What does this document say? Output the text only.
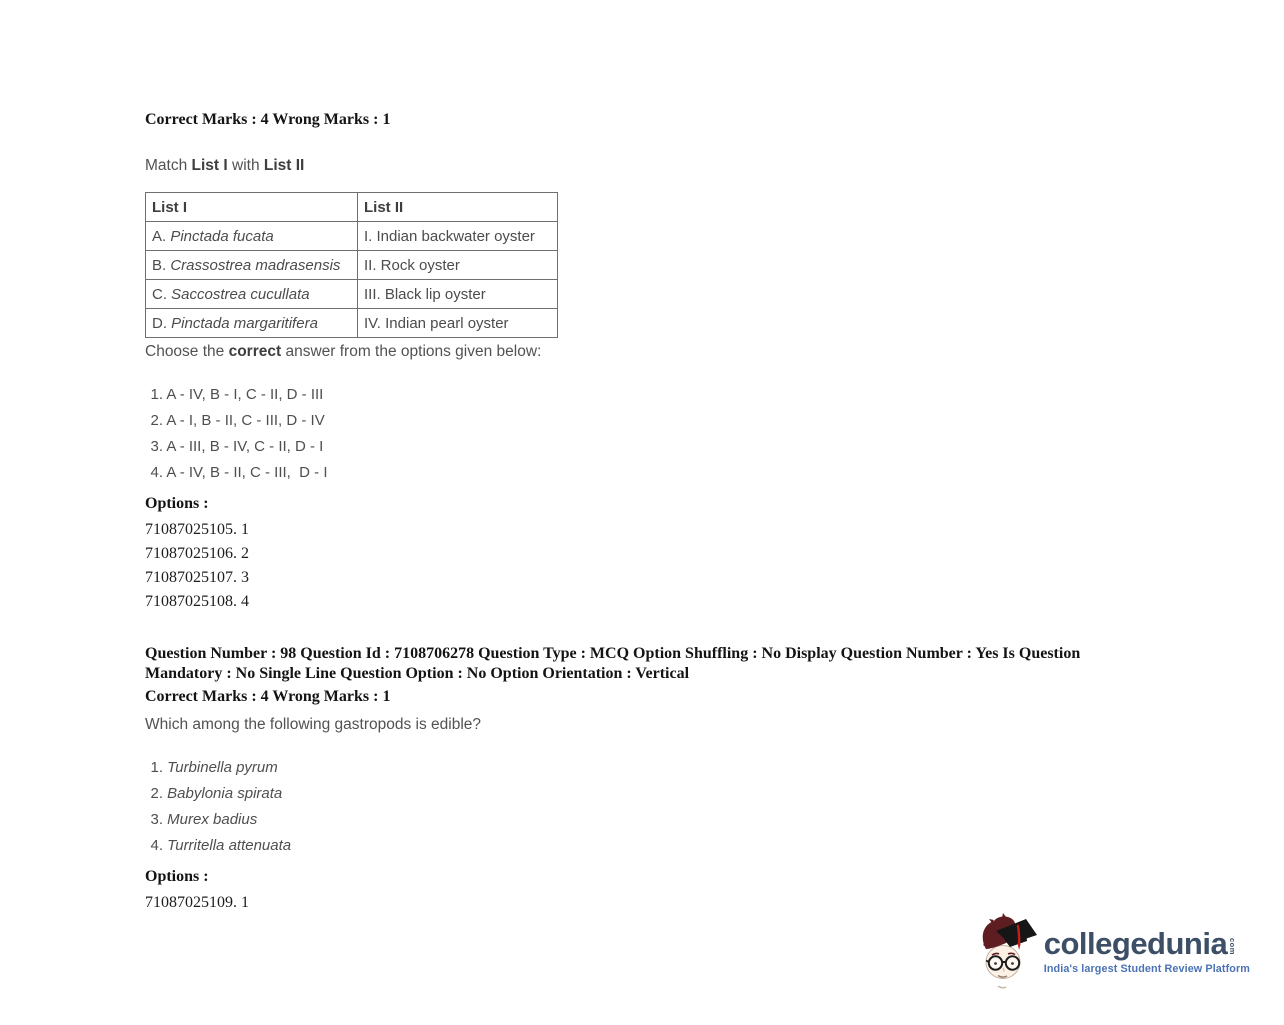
Correct Marks : 4 Wrong Marks : 1
Match List I with List II
List I	List II
A. Pinctada fucata	I. Indian backwater oyster
B. Crassostrea madrasensis	II. Rock oyster
C. Saccostrea cucullata	III. Black lip oyster
D. Pinctada margaritifera	IV. Indian pearl oyster
Choose the correct answer from the options given below:
1. A - IV, B - I, C - II, D - III
2. A - I, B - II, C - III, D - IV
3. A - III, B - IV, C - II, D - I
4. A - IV, B - II, C - III,  D - I
Options :
71087025105. 1
71087025106. 2
71087025107. 3
71087025108. 4
Question Number : 98 Question Id : 7108706278 Question Type : MCQ Option Shuffling : No Display Question Number : Yes Is Question Mandatory : No Single Line Question Option : No Option Orientation : Vertical
Correct Marks : 4 Wrong Marks : 1
Which among the following gastropods is edible?
1. Turbinella pyrum
2. Babylonia spirata
3. Murex badius
4. Turritella attenuata
Options :
71087025109. 1
collegedunia com
India's largest Student Review Platform
